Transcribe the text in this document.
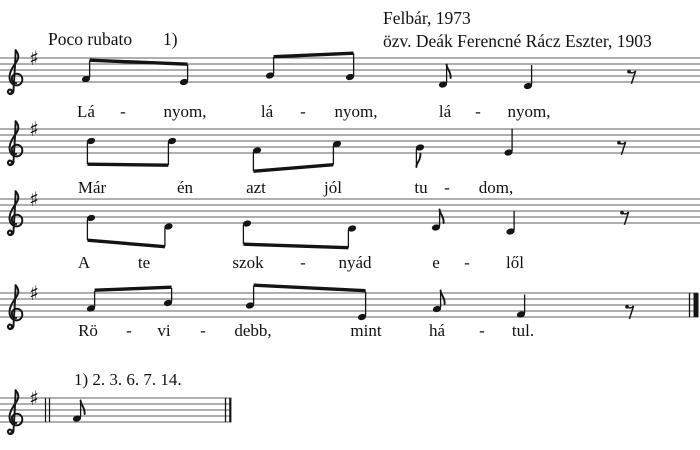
Felbár, 1973
özv. Deák Ferencné Rácz Eszter, 1903
Poco rubato 1)
1) 2. 3. 6. 7. 14.
♯
Lá - nyom,	lá - nyom,	lá - nyom,
♯
Már	én	azt	jól	tu - dom,
♯
A	te	szok - nyád	e - lől
♯
Rö - vi - debb,	mint	há - tul.
♯
